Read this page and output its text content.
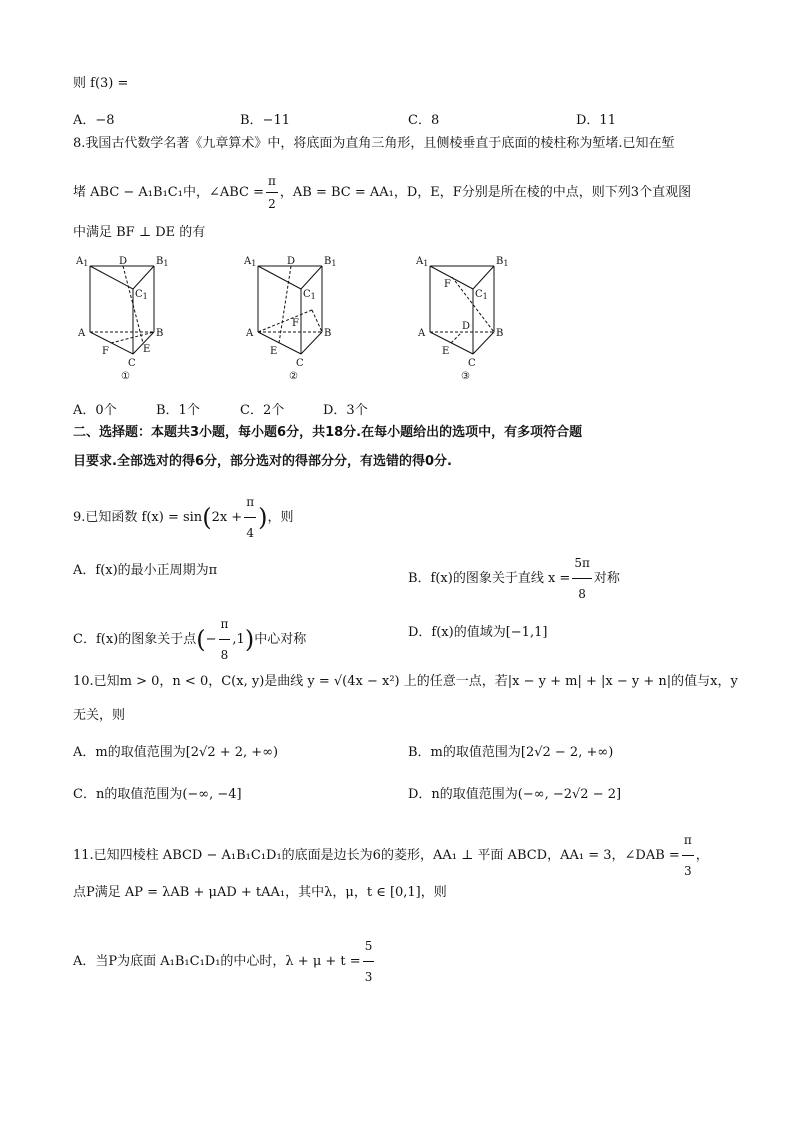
则 f(3) =
A．−8	B．−11	C．8	D．11
8.我国古代数学名著《九章算术》中，将底面为直角三角形，且侧棱垂直于底面的棱柱称为堑堵.已知在堑
堵 ABC − A₁B₁C₁中，∠ABC = $\frac{\pi}{2}$ ，AB = BC = AA₁，D，E，F分别是所在棱的中点，则下列3个直观图
中满足 BF ⊥ DE 的有
$A_1$	D	$B_1$
$C_1$
A	B
F	E
C
①
$A_1$	D	$B_1$
$C_1$
F
A	B
E
C
②
$A_1$	$B_1$
F
$C_1$
D
A	B
E
C
③
A．0个	B．1个	C．2个	D．3个
二、选择题：本题共3小题，每小题6分，共18分.在每小题给出的选项中，有多项符合题
目要求.全部选对的得6分，部分选对的得部分分，有选错的得0分.
9.已知函数 $f(x) = \sin(2x + \frac{\pi}{4}$ )，则
A．f(x)的最小正周期为π
B．f(x)的图象关于直线 $x = \frac{5\pi}{8}$ 对称
C．f(x)的图象关于点(− $\frac{\pi}{8} ,1$)中心对称	D．f(x)的值域为[−1,1]
10.已知m > 0，n < 0，C(x, y)是曲线 y = √(4x − x²) 上的任意一点，若|x − y + m| + |x − y + n|的值与x，y
无关，则
A．m的取值范围为[2√2 + 2, +∞)	B．m的取值范围为[2√2 − 2, +∞)
C．n的取值范围为(−∞, −4]	D．n的取值范围为(−∞, −2√2 − 2]
11.已知四棱柱 ABCD − A₁B₁C₁D₁的底面是边长为6的菱形，AA₁ ⊥ 平面 ABCD，AA₁ = 3，∠DAB = $\frac{\pi}{3}$ ，
点P满足 AP = λAB + μAD + tAA₁，其中λ，μ，t ∈ [0,1]，则
A．当P为底面 A₁B₁C₁D₁的中心时，$\lambda + \mu + t = \frac{5}{3}$
